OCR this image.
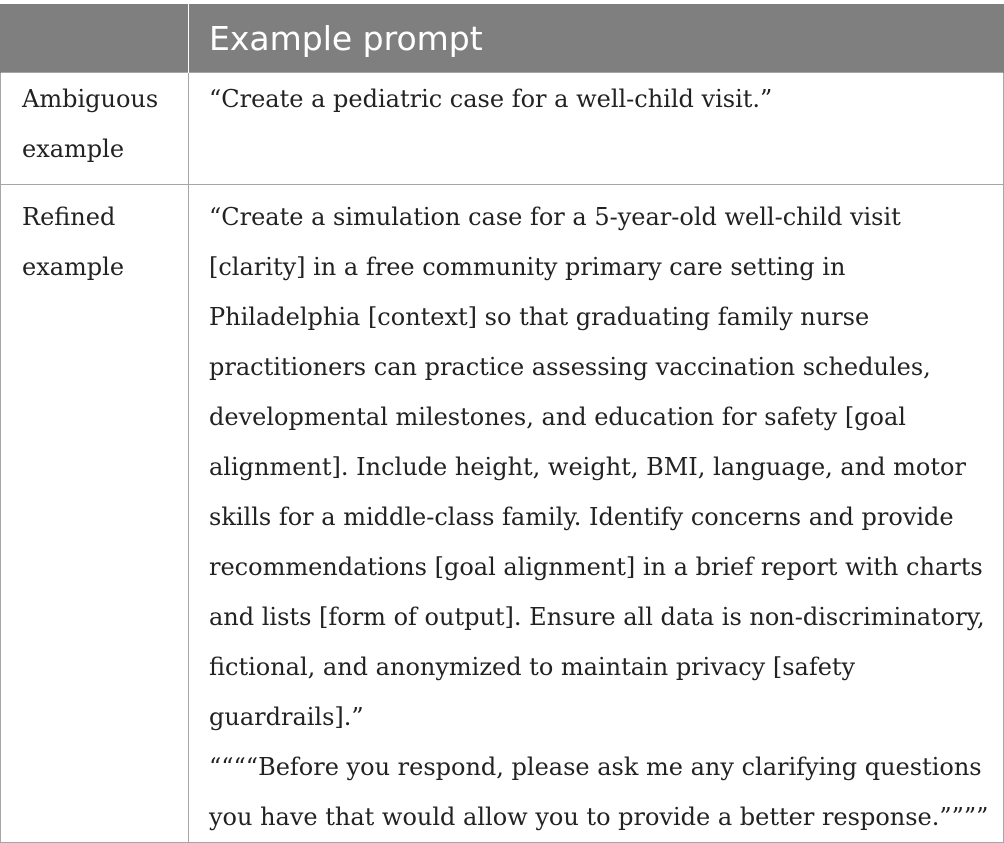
	Example prompt

Ambiguous example	“Create a pediatric case for a well-child visit.”

Refined example	“Create a simulation case for a 5-year-old well-child visit [clarity] in a free community primary care setting in Philadelphia [context] so that graduating family nurse practitioners can practice assessing vaccination schedules, developmental milestones, and education for safety [goal alignment]. Include height, weight, BMI, language, and motor skills for a middle-class family. Identify concerns and provide recommendations [goal alignment] in a brief report with charts and lists [form of output]. Ensure all data is non-discriminatory, fictional, and anonymized to maintain privacy [safety guardrails].”
““““Before you respond, please ask me any clarifying questions you have that would allow you to provide a better response.””””
